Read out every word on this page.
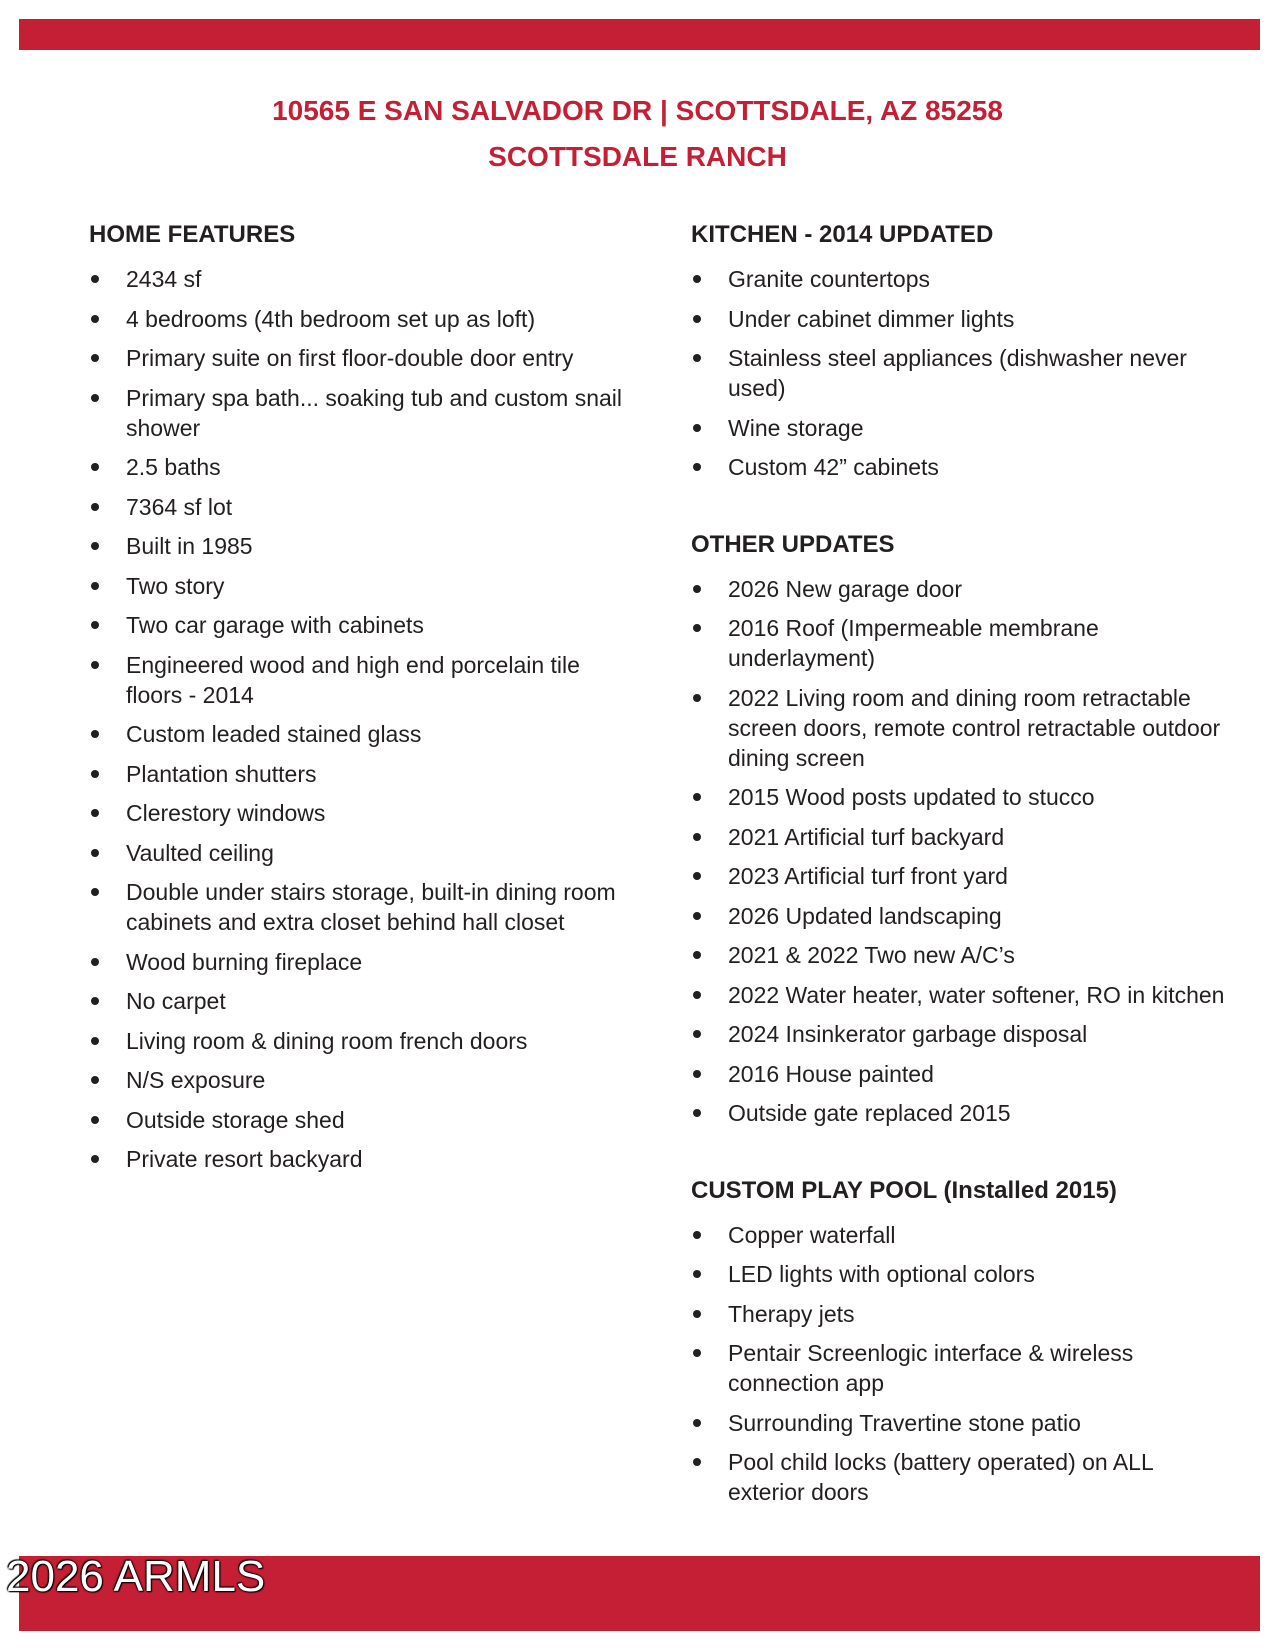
10565 E SAN SALVADOR DR | SCOTTSDALE, AZ 85258
SCOTTSDALE RANCH
HOME FEATURES
2434 sf
4 bedrooms (4th bedroom set up as loft)
Primary suite on first floor-double door entry
Primary spa bath... soaking tub and custom snail shower
2.5 baths
7364 sf lot
Built in 1985
Two story
Two car garage with cabinets
Engineered wood and high end porcelain tile floors - 2014
Custom leaded stained glass
Plantation shutters
Clerestory windows
Vaulted ceiling
Double under stairs storage, built-in dining room cabinets and extra closet behind hall closet
Wood burning fireplace
No carpet
Living room & dining room french doors
N/S exposure
Outside storage shed
Private resort backyard
KITCHEN - 2014 UPDATED
Granite countertops
Under cabinet dimmer lights
Stainless steel appliances (dishwasher never used)
Wine storage
Custom 42” cabinets
OTHER UPDATES
2026 New garage door
2016 Roof (Impermeable membrane underlayment)
2022 Living room and dining room retractable screen doors, remote control retractable outdoor dining screen
2015 Wood posts updated to stucco
2021 Artificial turf backyard
2023 Artificial turf front yard
2026 Updated landscaping
2021 & 2022 Two new A/C’s
2022 Water heater, water softener, RO in kitchen
2024 Insinkerator garbage disposal
2016 House painted
Outside gate replaced 2015
CUSTOM PLAY POOL (Installed 2015)
Copper waterfall
LED lights with optional colors
Therapy jets
Pentair Screenlogic interface & wireless connection app
Surrounding Travertine stone patio
Pool child locks (battery operated) on ALL exterior doors
2026 ARMLS
